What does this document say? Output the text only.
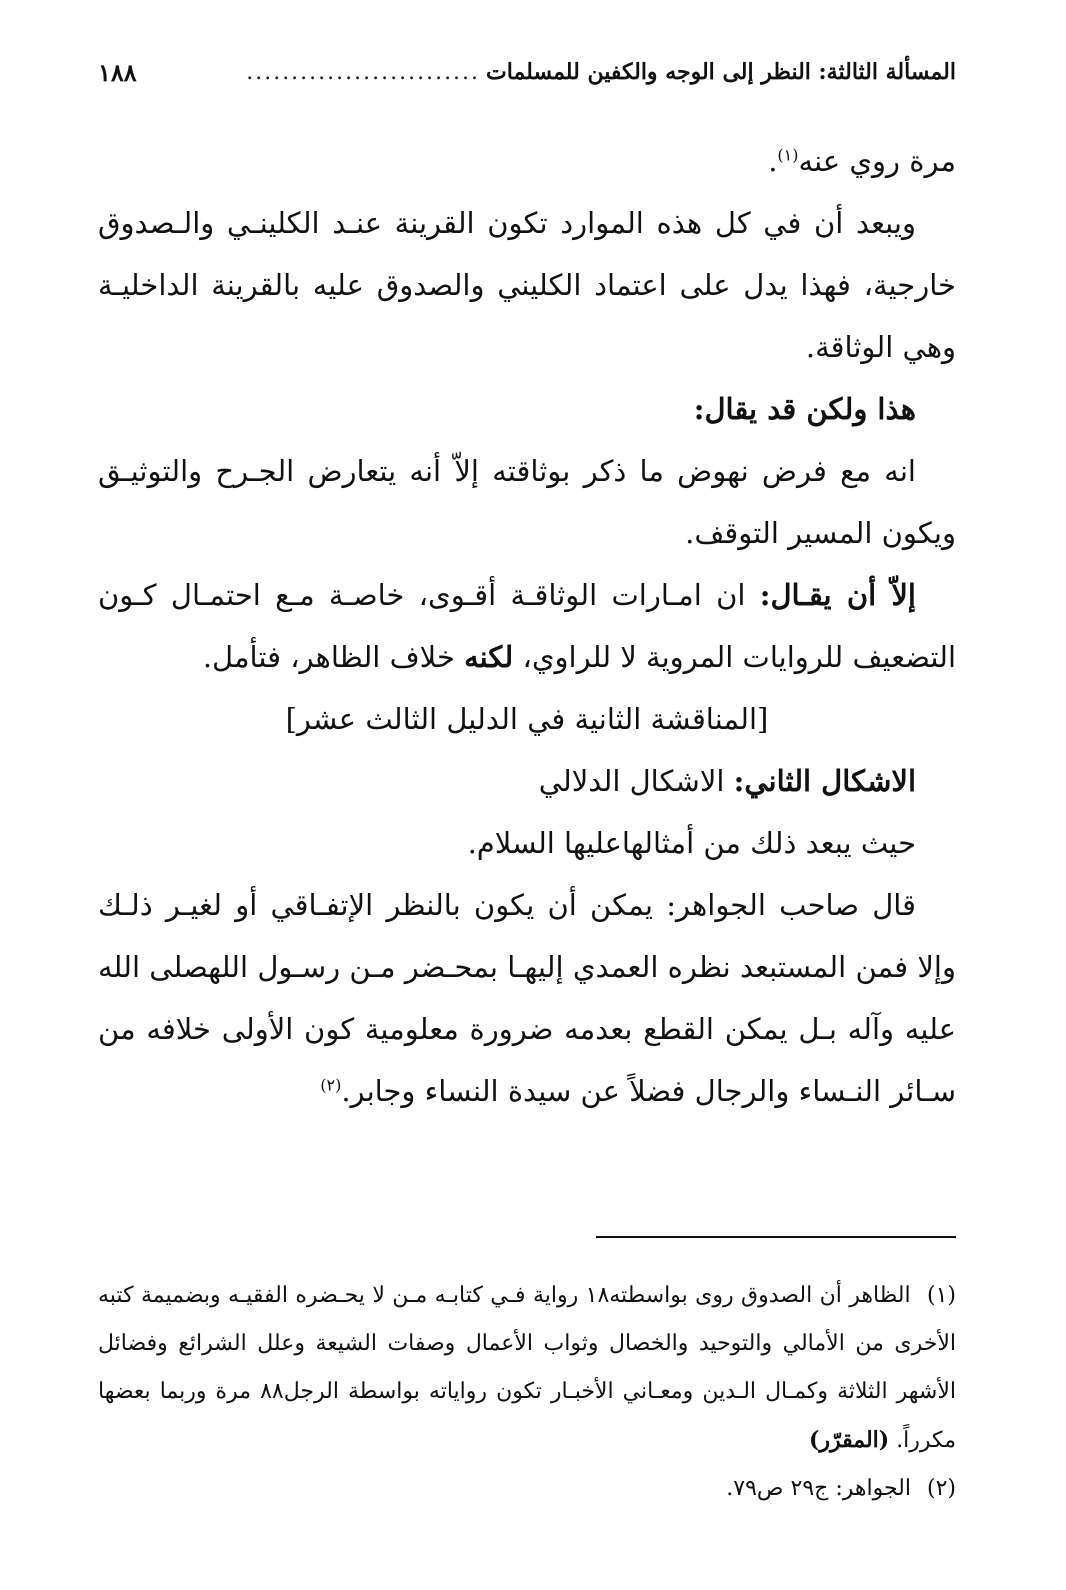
المسألة الثالثة: النظر إلى الوجه والكفين للمسلمات
..........................
١٨٨

مرة روي عنه$^{(١)}$.

ويبعد أن في كل هذه الموارد تكون القرينة عنـد الكلينـي والـصدوق خارجية، فهذا يدل على اعتماد الكليني والصدوق عليه بالقرينة الداخليـة وهي الوثاقة.

هذا ولكن قد يقال:

انه مع فرض نهوض ما ذكر بوثاقته إلاّ أنه يتعارض الجـرح والتوثيـق ويكون المسير التوقف.

إلاّ أن يقـال: ان امـارات الوثاقـة أقـوى، خاصـة مـع احتمـال كـون التضعيف للروايات المروية لا للراوي، لكنه خلاف الظاهر، فتأمل.

[المناقشة الثانية في الدليل الثالث عشر]

الاشكال الثاني: الاشكال الدلالي

حيث يبعد ذلك من أمثالهاعليها السلام.

قال صاحب الجواهر: يمكن أن يكون بالنظر الإتفـاقي أو لغيـر ذلـك وإلا فمن المستبعد نظره العمدي إليهـا بمحـضر مـن رسـول اللهصلى الله عليه وآله بـل يمكن القطع بعدمه ضرورة معلومية كون الأولى خلافه من سـائر النـساء والرجال فضلاً عن سيدة النساء وجابر.$^{(٢)}$

(١) الظاهر أن الصدوق روى بواسطته١٨ رواية فـي كتابـه مـن لا يحـضره الفقيـه وبضميمة كتبه الأخرى من الأمالي والتوحيد والخصال وثواب الأعمال وصفات الشيعة وعلل الشرائع وفضائل الأشهر الثلاثة وكمـال الـدين ومعـاني الأخبـار تكون رواياته بواسطة الرجل٨٨ مرة وربما بعضها مكرراً. (المقرّر)

(٢) الجواهر: ج٢٩ ص٧٩.
